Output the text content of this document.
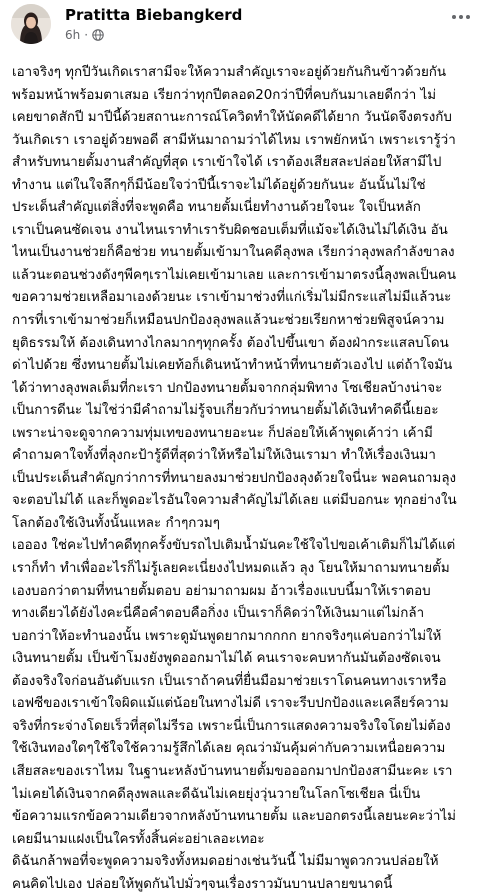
Pratitta Biebangkerd
6h ·
เอาจริงๆ ทุกปีวันเกิดเราสามีจะให้ความสำคัญเราจะอยู่ด้วยกันกินข้าวด้วยกัน
พร้อมหน้าพร้อมตาเสมอ เรียกว่าทุกปีตลอด20กว่าปีที่คบกันมาเลยดีกว่า ไม่
เคยขาดสักปี มาปีนี้ด้วยสถานะการณ์โควิดทำให้นัดคดีได้ยาก วันนัดจึงตรงกับ
วันเกิดเรา เราอยู่ด้วยพอดี สามีหันมาถามว่าได้ไหม เราพยักหน้า เพราะเรารู้ว่า
สำหรับทนายตั้มงานสำคัญที่สุด เราเข้าใจได้ เราต้องเสียสละปล่อยให้สามีไป
ทำงาน แต่ในใจลึกๆก็มีน้อยใจว่าปีนี้เราจะไม่ได้อยู่ด้วยกันนะ อันนั้นไม่ใช่
ประเด็นสำคัญแต่สิ่งที่จะพูดคือ ทนายตั้มเนี่ยทำงานด้วยใจนะ ใจเป็นหลัก
เราเป็นคนซัดเจน งานไหนเราทำเรารับผิดชอบเต็มที่แม้จะได้เงินไม่ได้เงิน อัน
ไหนเป็นงานช่วยก็คือช่วย ทนายตั้มเข้ามาในคดีลุงพล เรียกว่าลุงพลกำลังขาลง
แล้วนะตอนช่วงดังๆพีคๆเราไม่เคยเข้ามาเลย และการเข้ามาตรงนี้ลุงพลเป็นคน
ขอความช่วยเหลือมาเองด้วยนะ เราเข้ามาช่วงที่แก่เริ่มไม่มีกระแสไม่มีแล้วนะ
การที่เราเข้ามาช่วยก็เหมือนปกป้องลุงพลแล้วนะช่วยเรียกหาช่วยพิสูจน์ความ
ยุติธรรมให้ ต้องเดินทางไกลมากๆทุกครั้ง ต้องไปขึ้นเขา ต้องฝ่ากระแสลบโดน
ด่าไปด้วย ซึ่งทนายตั้มไม่เคยท้อก็เดินหน้าทำหน้าที่ทนายตัวเองไป แต่ถ้าใจมัน
ได้ว่าทางลุงพลเต็มที่กะเรา ปกป้องทนายตั้มจากกลุ่มพิทาง โซเชียลบ้างน่าจะ
เป็นการดีนะ ไม่ใช่ว่ามีคำถามไม่รู้จบเกี่ยวกับว่าทนายตั้มได้เงินทำคดีนี้เยอะ
เพราะน่าจะดูจากความทุ่มเทของทนายอะนะ ก็ปล่อยให้เค้าพูดเค้าว่า เค้ามี
คำถามคาใจทั้งที่ลุงกะป้ารู้ดีที่สุดว่าให้หรือไม่ให้เงินเรามา ทำให้เรื่องเงินมา
เป็นประเด็นสำคัญกว่าการที่ทนายลงมาช่วยปกป้องลุงด้วยใจนี่นะ พอคนถามลุง
จะตอบไม่ได้ และก็พูดอะไรอันใจความสำคัญไม่ได้เลย แต่มีบอกนะ ทุกอย่างใน
โลกต้องใช้เงินทั้งนั้นแหละ กำๆกวมๆ
เอออง ใช่คะไปทำคดีทุกครั้งขับรถไปเติมน้ำมันคะใช้ใจไปขอเค้าเติมก็ไม่ได้แต่
เราก็ทำ ทำเพื่ออะไรก็ไม่รู้เลยคะเนี่ยงงไปหมดแล้ว ลุง โยนให้มาถามทนายตั้ม
เองบอกว่าตามที่ทนายตั้มตอบ อย่ามาถามผม อ้าวเรื่องแบบนี้มาให้เราตอบ
ทางเดียวได้ยังไงคะนี่คือคำตอบคือกิ่งง เป็นเราก็คิดว่าให้เงินมาแต่ไม่กล้า
บอกว่าให้อะทำนองนั้น เพราะดูมันพูดยากมากกกก ยากจริงๆแค่บอกว่าไม่ให้
เงินทนายตั้ม เป็นข้าโมงยังพูดออกมาไม่ได้ คนเราจะคบหากันมันต้องซัดเจน
ต้องจริงใจก่อนอันดับแรก เป็นเราถ้าคนที่ยื่นมือมาช่วยเราโดนคนทางเราหรือ
เอฟซีของเราเข้าใจผิดแม้แต่น้อยในทางไม่ดี เราจะรีบปกป้องและเคลียร์ความ
จริงที่กระจ่างโดยเร็วที่สุดไม่รีรอ เพราะนี่เป็นการแสดงความจริงใจโดยไม่ต้อง
ใช้เงินทองใดๆใช้ใจใช้ความรู้สึกได้เลย คุณว่ามันคุ้มค่ากับความเหนื่อยความ
เสียสละของเราไหม ในฐานะหลังบ้านทนายตั้มขอออกมาปกป้องสามีนะคะ เรา
ไม่เคยได้เงินจากคดีลุงพลและดีฉันไม่เคยยุ่งวุ่นวายในโลกโซเชียล นี่เป็น
ข้อความแรกข้อความเดียวจากหลังบ้านทนายตั้ม และบอกตรงนี้เลยนะคะว่าไม่
เคยมีนามแฝงเป็นใครทั้งสิ้นค่ะอย่าเลอะเทอะ
ดิฉันกล้าพอที่จะพูดความจริงทั้งหมดอย่างเช่นวันนี้ ไม่มีมาพูดวกวนปล่อยให้
คนคิดไปเอง ปล่อยให้พูดกันไปมั่วๆจนเรื่องราวมันบานปลายขนาดนี้
